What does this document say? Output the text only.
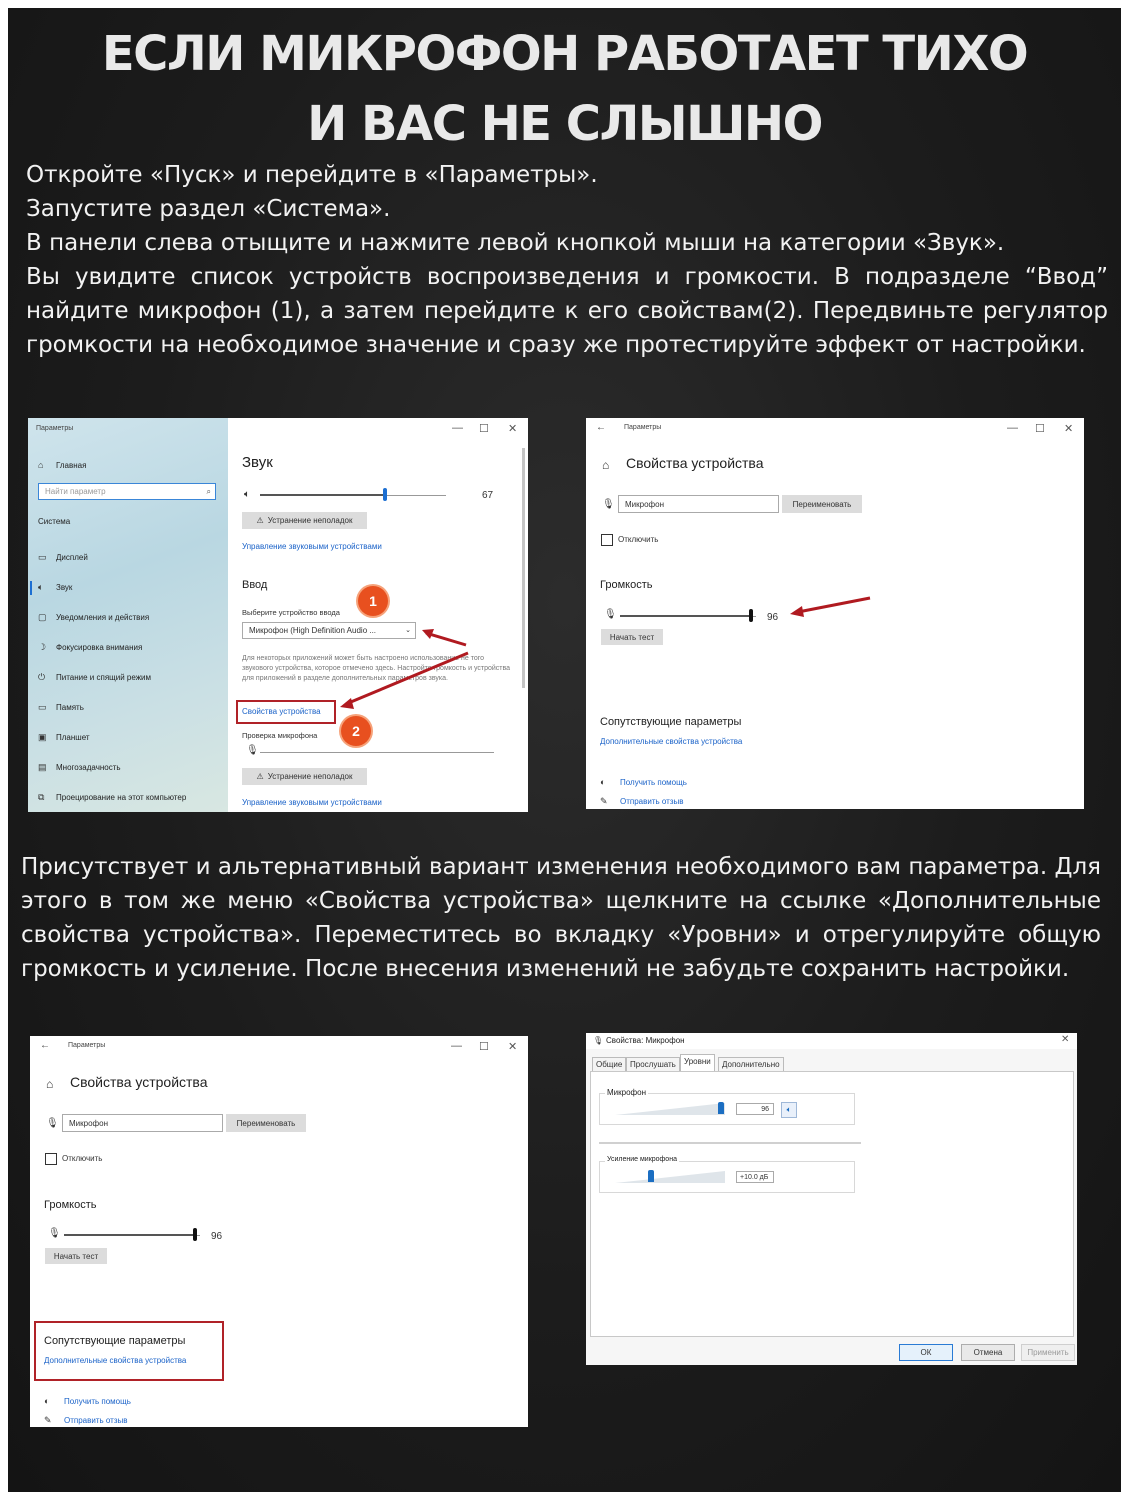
ЕСЛИ МИКРОФОН РАБОТАЕТ ТИХО
И ВАС НЕ СЛЫШНО

Откройте «Пуск» и перейдите в «Параметры».

Запустите раздел «Система».

В панели слева отыщите и нажмите левой кнопкой мыши на категории «Звук».

Вы увидите список устройств воспроизведения и громкости. В подразделе “Ввод” найдите микрофон (1), а затем перейдите к его свойствам(2). Передвиньте регулятор громкости на необходимое значение и сразу же протестируйте эффект от настройки.

Параметры
⌂	Главная
Найти параметр	⌕
Система
▭	Дисплей
🔈︎	Звук
▢	Уведомления и действия
☽	Фокусировка внимания
⏻	Питание и спящий режим
▭	Память
▣	Планшет
▤	Многозадачность
⧉	Проецирование на этот компьютер
— ☐ ✕
Звук
🔈︎	67
⚠ Устранение неполадок
Управление звуковыми устройствами
Ввод
Выберите устройство ввода
Микрофон (High Definition Audio ...	⌄
Для некоторых приложений может быть настроено использование не того звукового устройства, которое отмечено здесь. Настройте громкость и устройства для приложений в разделе дополнительных параметров звука.
Свойства устройства
Проверка микрофона
🎙︎
⚠ Устранение неполадок
Управление звуковыми устройствами
1
2
←	Параметры	— ☐ ✕
⌂ Свойства устройства
🎙︎ Микрофон	Переименовать
Отключить
Громкость
🎙︎	96
Начать тест
Сопутствующие параметры
Дополнительные свойства устройства
◐ Получить помощь
✎ Отправить отзыв
Присутствует и альтернативный вариант изменения необходимого вам параметра. Для этого в том же меню «Свойства устройства» щелкните на ссылке «Дополнительные свойства устройства». Переместитесь во вкладку «Уровни» и отрегулируйте общую громкость и усиление. После внесения изменений не забудьте сохранить настройки.
←	Параметры	— ☐ ✕
⌂ Свойства устройства
🎙︎ Микрофон	Переименовать
Отключить
Громкость
🎙︎	96
Начать тест
Сопутствующие параметры
Дополнительные свойства устройства
◐ Получить помощь
✎ Отправить отзыв
🎙︎ Свойства: Микрофон	✕
Общие Прослушать	Уровни	Дополнительно
Микрофон
96	🔈︎
Усиление микрофона
+10.0 дБ
ОК	Отмена	Применить
